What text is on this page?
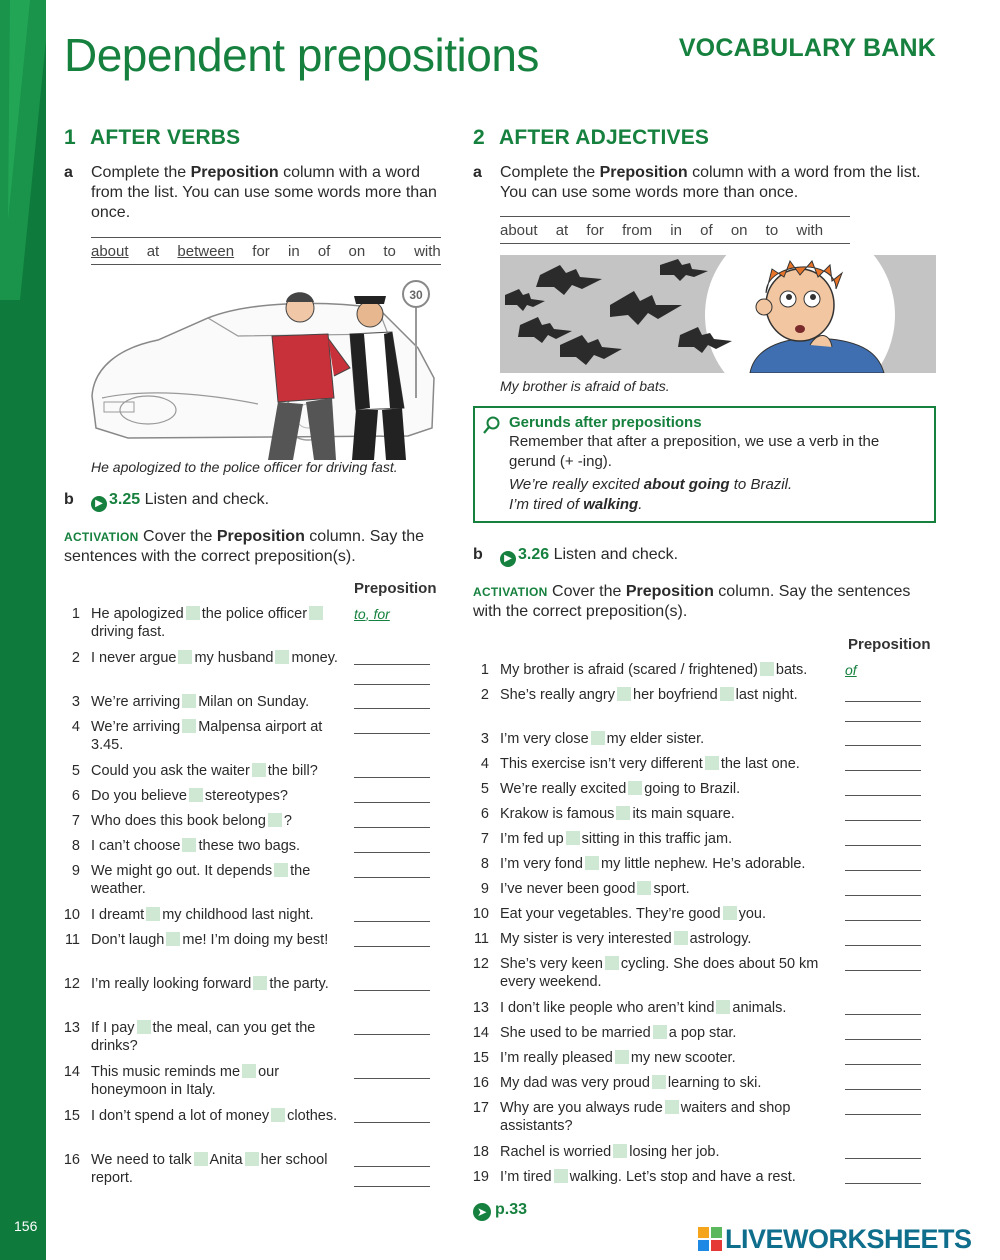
156
Dependent prepositions	VOCABULARY BANK
1 AFTER VERBS
a Complete the Preposition column with a word from the list. You can use some words more than once.
about at between for in of on to with
30
He apologized to the police officer for driving fast.
b ▶ 3.25 Listen and check.
ACTIVATION Cover the Preposition column. Say the sentences with the correct preposition(s).
Preposition
1 He apologized the police officerdriving fast.
to, for
2 I never argue my husband money.
3 We’re arriving Milan on Sunday.
4 We’re arriving Malpensa airport at 3.45.
5 Could you ask the waiter the bill?
6 Do you believe stereotypes?
7 Who does this book belong ?
8 I can’t choose these two bags.
9 We might go out. It depends the weather.
10 I dreamt my childhood last night.
11 Don’t laugh me! I’m doing my best!
12 I’m really looking forward the party.
13 If I pay the meal, can you get the drinks?
14 This music reminds me our honeymoon in Italy.
15 I don’t spend a lot of money clothes.
16 We need to talk Anita her school report.
2 AFTER ADJECTIVES
a Complete the Preposition column with a word from the list. You can use some words more than once.
about at for from in of on to with
My brother is afraid of bats.
Gerunds after prepositions
Remember that after a preposition, we use a verb in the gerund (+ -ing).
We’re really excited about going to Brazil.
I’m tired of walking.
b ▶ 3.26 Listen and check.
ACTIVATION Cover the Preposition column. Say the sentences with the correct preposition(s).
Preposition
1 My brother is afraid (scared / frightened) bats.	of
2 She’s really angry her boyfriend last night.
3 I’m very close my elder sister.
4 This exercise isn’t very different the last one.
5 We’re really excited going to Brazil.
6 Krakow is famous its main square.
7 I’m fed up sitting in this traffic jam.
8 I’m very fond my little nephew. He’s adorable.
9 I’ve never been good sport.
10 Eat your vegetables. They’re good you.
11 My sister is very interested astrology.
12 She’s very keen cycling. She does about 50 km every weekend.
13 I don’t like people who aren’t kind animals.
14 She used to be married a pop star.
15 I’m really pleased my new scooter.
16 My dad was very proud learning to ski.
17 Why are you always rude waiters and shop assistants?
18 Rachel is worried losing her job.
19 I’m tired walking. Let’s stop and have a rest.
➤ p.33
LIVEWORKSHEETS
